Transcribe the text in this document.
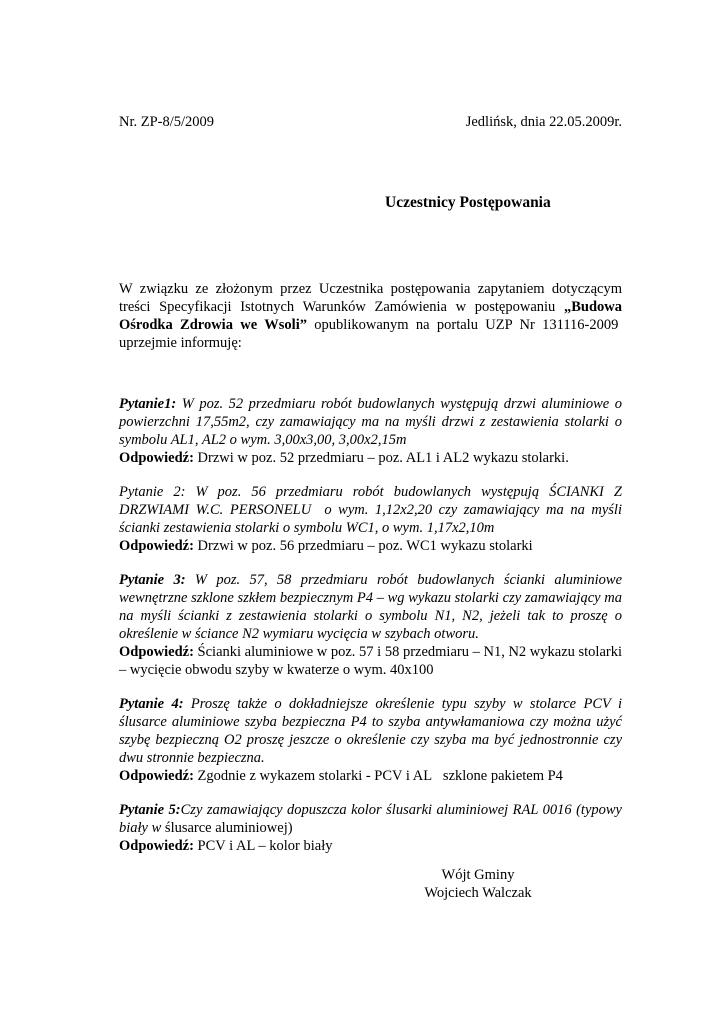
Nr. ZP-8/5/2009	Jedlińsk, dnia 22.05.2009r.
Uczestnicy Postępowania

W związku ze złożonym przez Uczestnika postępowania zapytaniem dotyczącym treści Specyfikacji Istotnych Warunków Zamówienia w postępowaniu „Budowa Ośrodka Zdrowia we Wsoli” opublikowanym na portalu UZP Nr 131116-2009  uprzejmie informuję:

Pytanie1: W poz. 52 przedmiaru robót budowlanych występują drzwi aluminiowe o powierzchni 17,55m2, czy zamawiający ma na myśli drzwi z zestawienia stolarki o symbolu AL1, AL2 o wym. 3,00x3,00, 3,00x2,15m

Odpowiedź: Drzwi w poz. 52 przedmiaru – poz. AL1 i AL2 wykazu stolarki.

Pytanie 2: W poz. 56 przedmiaru robót budowlanych występują ŚCIANKI Z DRZWIAMI W.C. PERSONELU  o wym. 1,12x2,20 czy zamawiający ma na myśli ścianki zestawienia stolarki o symbolu WC1, o wym. 1,17x2,10m

Odpowiedź: Drzwi w poz. 56 przedmiaru – poz. WC1 wykazu stolarki

Pytanie 3: W poz. 57, 58 przedmiaru robót budowlanych ścianki aluminiowe wewnętrzne szklone szkłem bezpiecznym P4 – wg wykazu stolarki czy zamawiający ma na myśli ścianki z zestawienia stolarki o symbolu N1, N2, jeżeli tak to proszę o określenie w ściance N2 wymiaru wycięcia w szybach otworu.

Odpowiedź: Ścianki aluminiowe w poz. 57 i 58 przedmiaru – N1, N2 wykazu stolarki – wycięcie obwodu szyby w kwaterze o wym. 40x100

Pytanie 4: Proszę także o dokładniejsze określenie typu szyby w stolarce PCV i ślusarce aluminiowe szyba bezpieczna P4 to szyba antywłamaniowa czy można użyć szybę bezpieczną O2 proszę jeszcze o określenie czy szyba ma być jednostronnie czy dwu stronnie bezpieczna.

Odpowiedź: Zgodnie z wykazem stolarki - PCV i AL   szklone pakietem P4

Pytanie 5:Czy zamawiający dopuszcza kolor ślusarki aluminiowej RAL 0016 (typowy biały w ślusarce aluminiowej)

Odpowiedź: PCV i AL – kolor biały

Wójt Gminy
Wojciech Walczak
